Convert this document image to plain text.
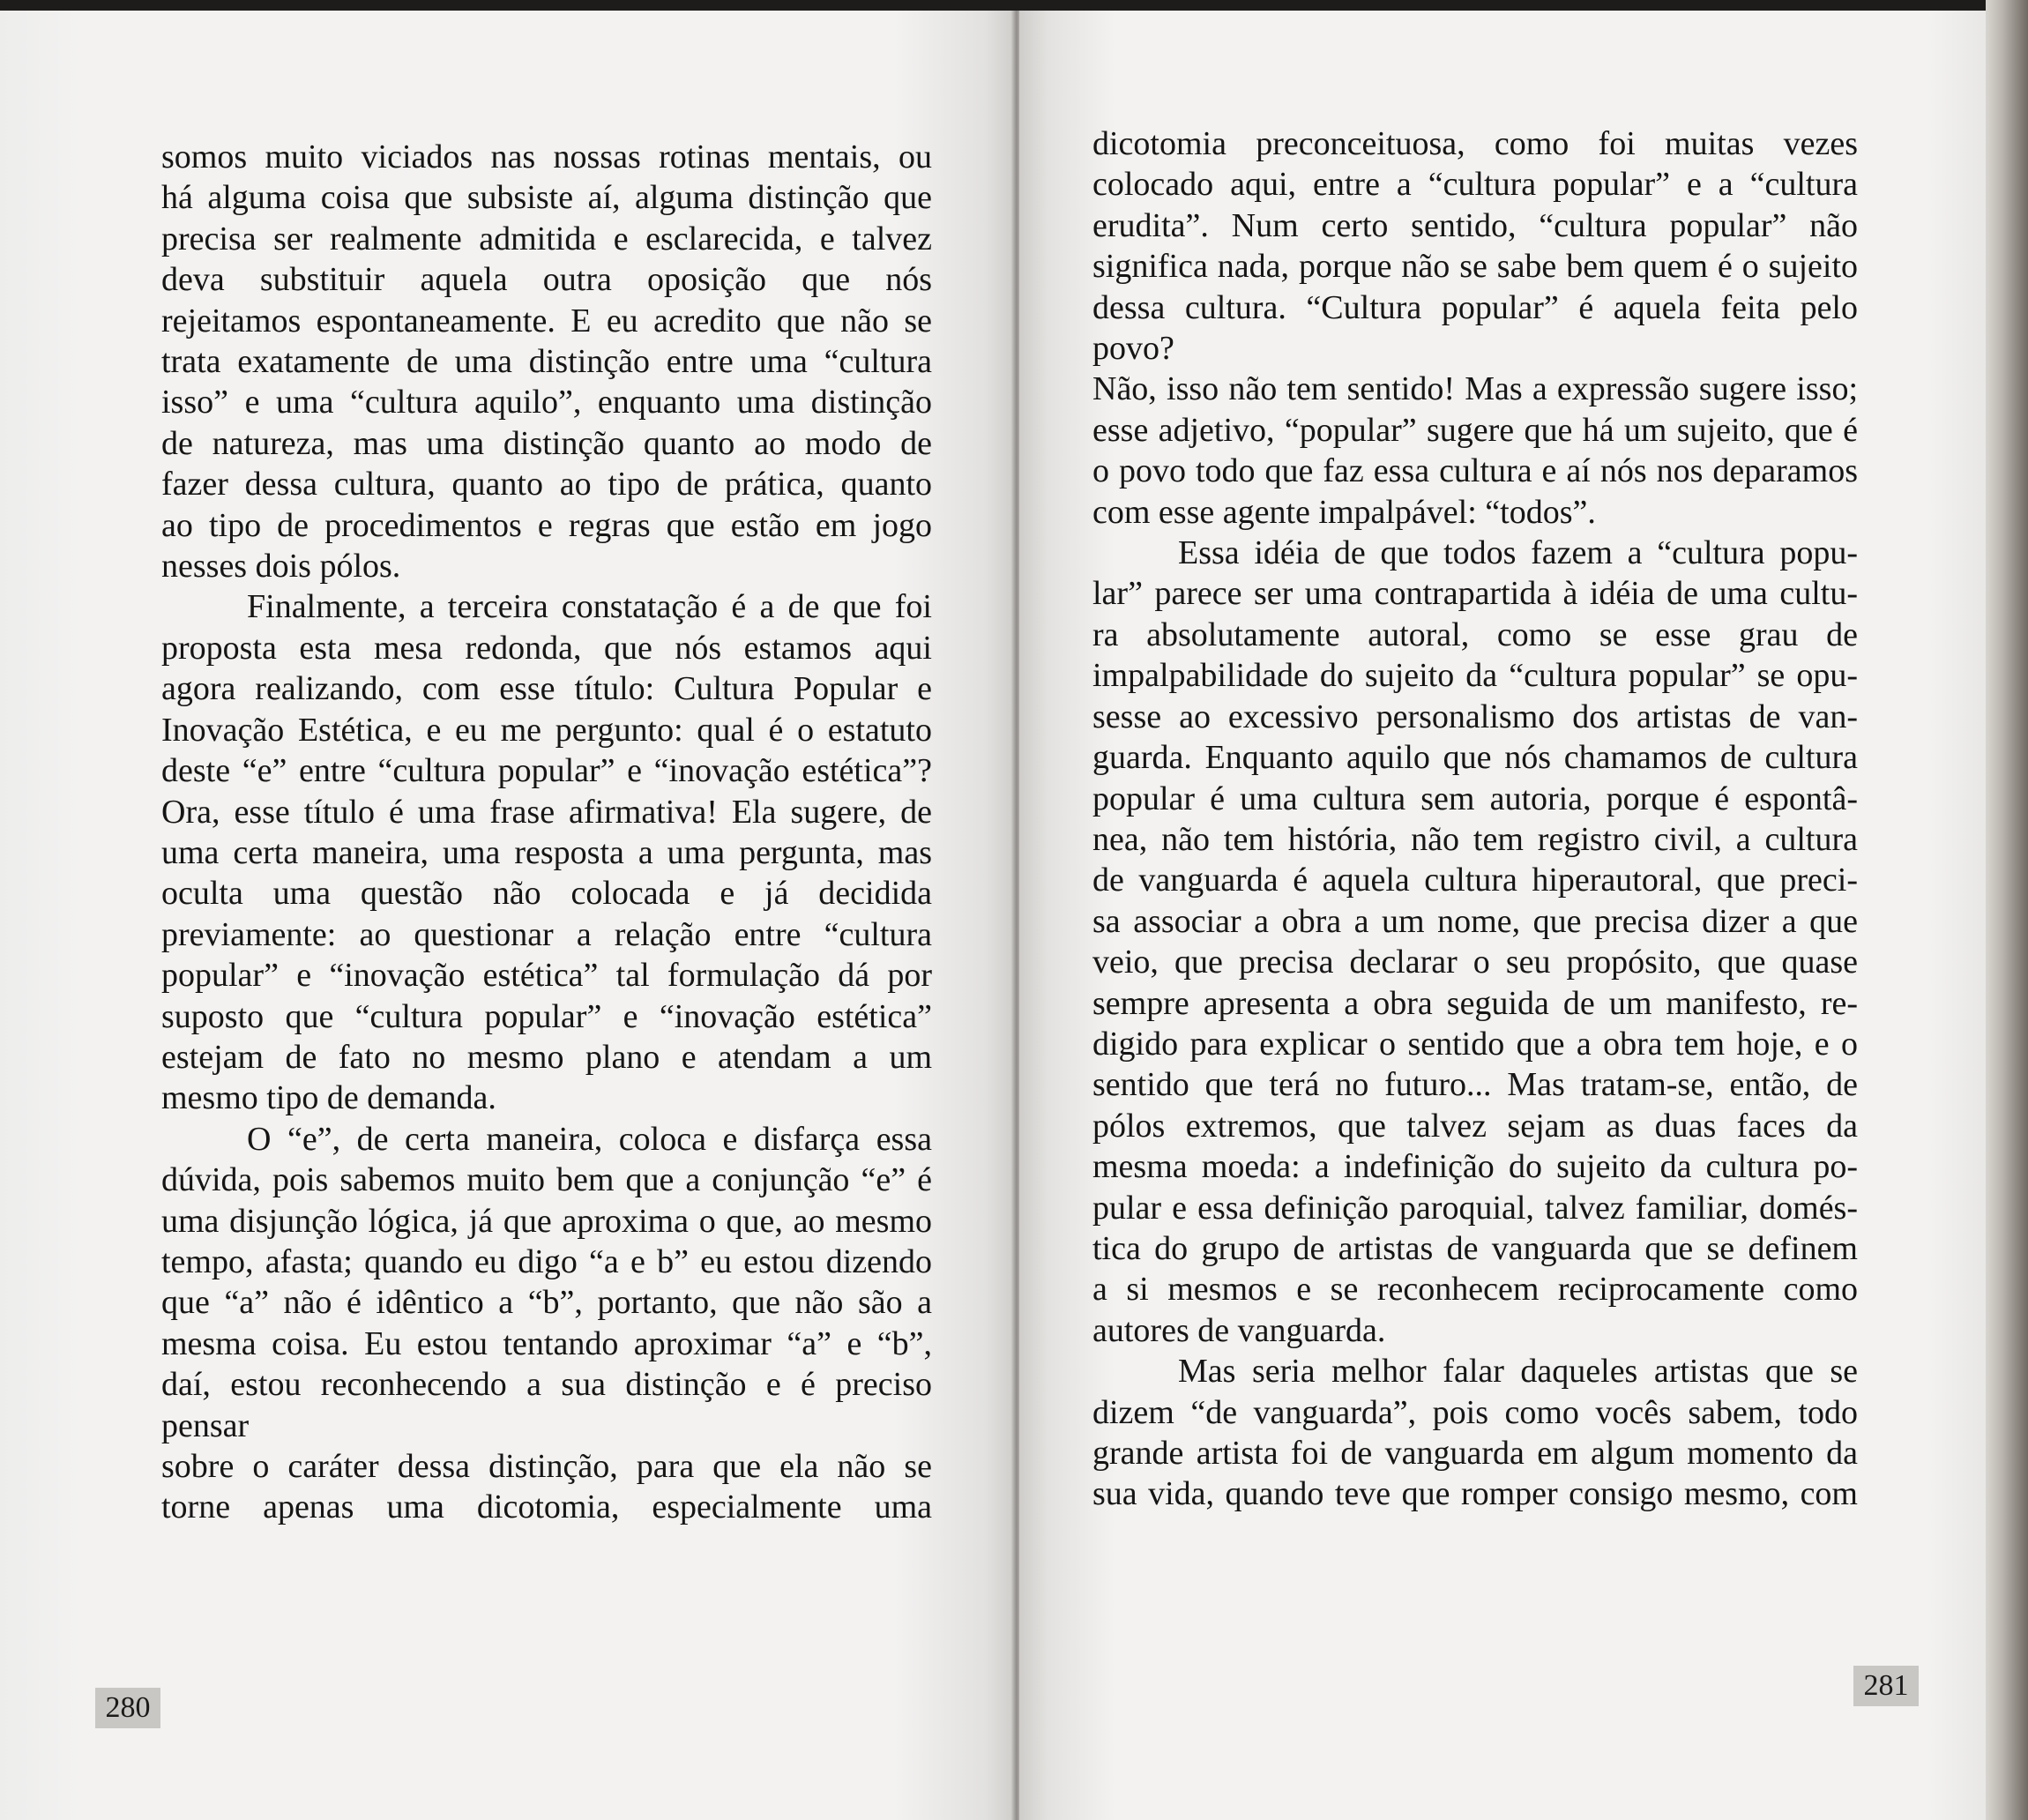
somos muito viciados nas nossas rotinas mentais, ou

há alguma coisa que subsiste aí, alguma distinção que

precisa ser realmente admitida e esclarecida, e talvez

deva substituir aquela outra oposição que nós

rejeitamos espontaneamente. E eu acredito que não se

trata exatamente de uma distinção entre uma “cultura

isso” e uma “cultura aquilo”, enquanto uma distinção

de natureza, mas uma distinção quanto ao modo de

fazer dessa cultura, quanto ao tipo de prática, quanto

ao tipo de procedimentos e regras que estão em jogo

nesses dois pólos.

Finalmente, a terceira constatação é a de que foi

proposta esta mesa redonda, que nós estamos aqui

agora realizando, com esse título: Cultura Popular e

Inovação Estética, e eu me pergunto: qual é o estatuto

deste “e” entre “cultura popular” e “inovação estética”?

Ora, esse título é uma frase afirmativa! Ela sugere, de

uma certa maneira, uma resposta a uma pergunta, mas

oculta uma questão não colocada e já decidida

previamente: ao questionar a relação entre “cultura

popular” e “inovação estética” tal formulação dá por

suposto que “cultura popular” e “inovação estética”

estejam de fato no mesmo plano e atendam a um

mesmo tipo de demanda.

O “e”, de certa maneira, coloca e disfarça essa

dúvida, pois sabemos muito bem que a conjunção “e” é

uma disjunção lógica, já que aproxima o que, ao mesmo

tempo, afasta; quando eu digo “a e b” eu estou dizendo

que “a” não é idêntico a “b”, portanto, que não são a

mesma coisa. Eu estou tentando aproximar “a” e “b”,

daí, estou reconhecendo a sua distinção e é preciso pensar

sobre o caráter dessa distinção, para que ela não se

torne apenas uma dicotomia, especialmente uma

280

dicotomia preconceituosa, como foi muitas vezes

colocado aqui, entre a “cultura popular” e a “cultura

erudita”. Num certo sentido, “cultura popular” não

significa nada, porque não se sabe bem quem é o sujeito

dessa cultura. “Cultura popular” é aquela feita pelo povo?

Não, isso não tem sentido! Mas a expressão sugere isso;

esse adjetivo, “popular” sugere que há um sujeito, que é

o povo todo que faz essa cultura e aí nós nos deparamos

com esse agente impalpável: “todos”.

Essa idéia de que todos fazem a “cultura popu-

lar” parece ser uma contrapartida à idéia de uma cultu-

ra absolutamente autoral, como se esse grau de

impalpabilidade do sujeito da “cultura popular” se opu-

sesse ao excessivo personalismo dos artistas de van-

guarda. Enquanto aquilo que nós chamamos de cultura

popular é uma cultura sem autoria, porque é espontâ-

nea, não tem história, não tem registro civil, a cultura

de vanguarda é aquela cultura hiperautoral, que preci-

sa associar a obra a um nome, que precisa dizer a que

veio, que precisa declarar o seu propósito, que quase

sempre apresenta a obra seguida de um manifesto, re-

digido para explicar o sentido que a obra tem hoje, e o

sentido que terá no futuro... Mas tratam-se, então, de

pólos extremos, que talvez sejam as duas faces da

mesma moeda: a indefinição do sujeito da cultura po-

pular e essa definição paroquial, talvez familiar, domés-

tica do grupo de artistas de vanguarda que se definem

a si mesmos e se reconhecem reciprocamente como

autores de vanguarda.

Mas seria melhor falar daqueles artistas que se

dizem “de vanguarda”, pois como vocês sabem, todo

grande artista foi de vanguarda em algum momento da

sua vida, quando teve que romper consigo mesmo, com

281
